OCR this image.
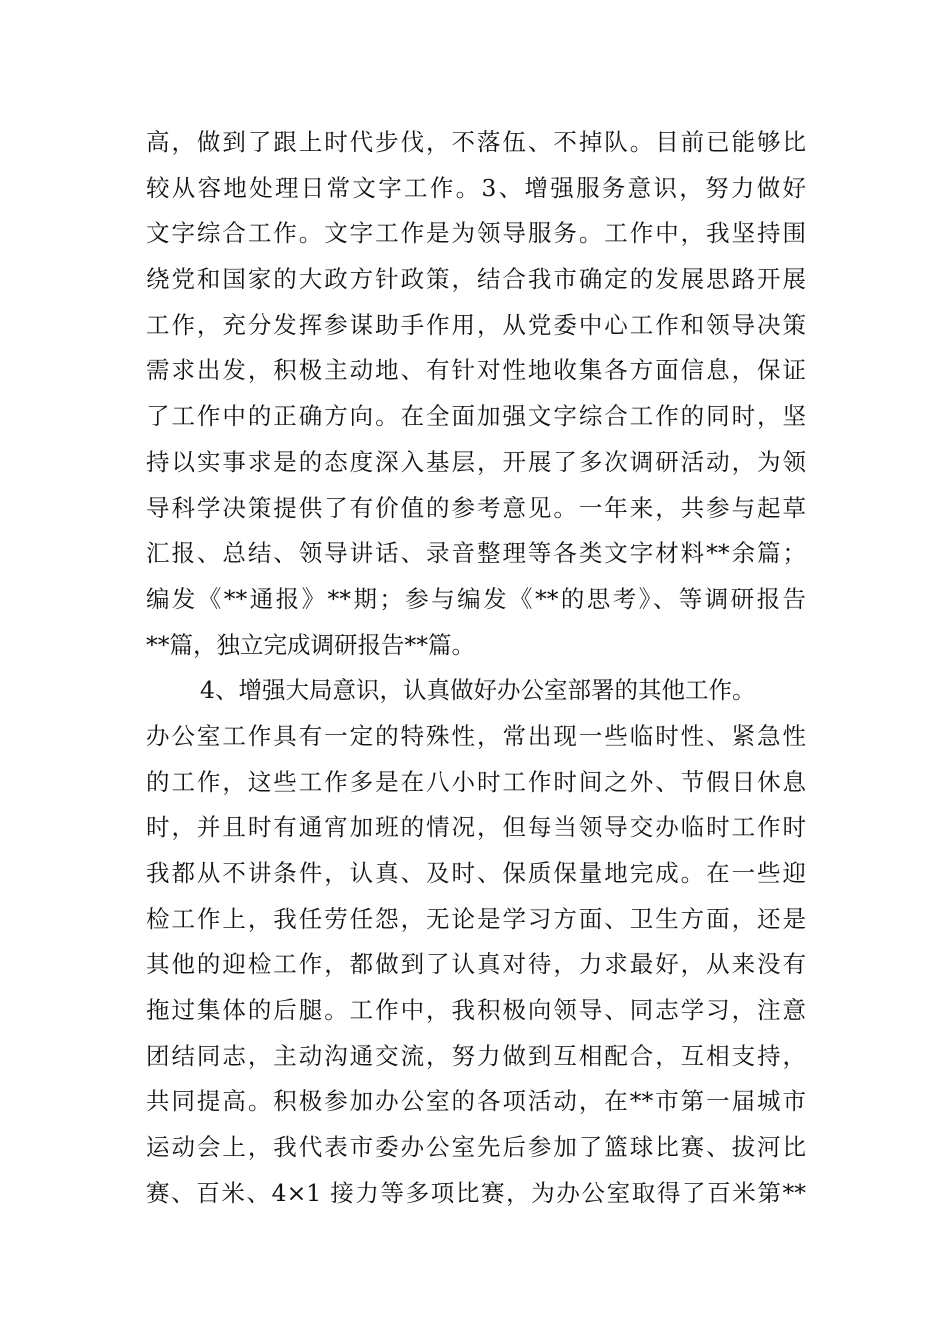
高，做到了跟上时代步伐，不落伍、不掉队。目前已能够比
较从容地处理日常文字工作。3、增强服务意识，努力做好
文字综合工作。文字工作是为领导服务。工作中，我坚持围
绕党和国家的大政方针政策，结合我市确定的发展思路开展
工作，充分发挥参谋助手作用，从党委中心工作和领导决策
需求出发，积极主动地、有针对性地收集各方面信息，保证
了工作中的正确方向。在全面加强文字综合工作的同时，坚
持以实事求是的态度深入基层，开展了多次调研活动，为领
导科学决策提供了有价值的参考意见。一年来，共参与起草
汇报、总结、领导讲话、录音整理等各类文字材料**余篇；
编发《**通报》**期；参与编发《**的思考》、等调研报告
**篇，独立完成调研报告**篇。
4、增强大局意识，认真做好办公室部署的其他工作。
办公室工作具有一定的特殊性，常出现一些临时性、紧急性
的工作，这些工作多是在八小时工作时间之外、节假日休息
时，并且时有通宵加班的情况，但每当领导交办临时工作时
我都从不讲条件，认真、及时、保质保量地完成。在一些迎
检工作上，我任劳任怨，无论是学习方面、卫生方面，还是
其他的迎检工作，都做到了认真对待，力求最好，从来没有
拖过集体的后腿。工作中，我积极向领导、同志学习，注意
团结同志，主动沟通交流，努力做到互相配合，互相支持，
共同提高。积极参加办公室的各项活动，在**市第一届城市
运动会上，我代表市委办公室先后参加了篮球比赛、拔河比
赛、百米、4×1 接力等多项比赛，为办公室取得了百米第**
